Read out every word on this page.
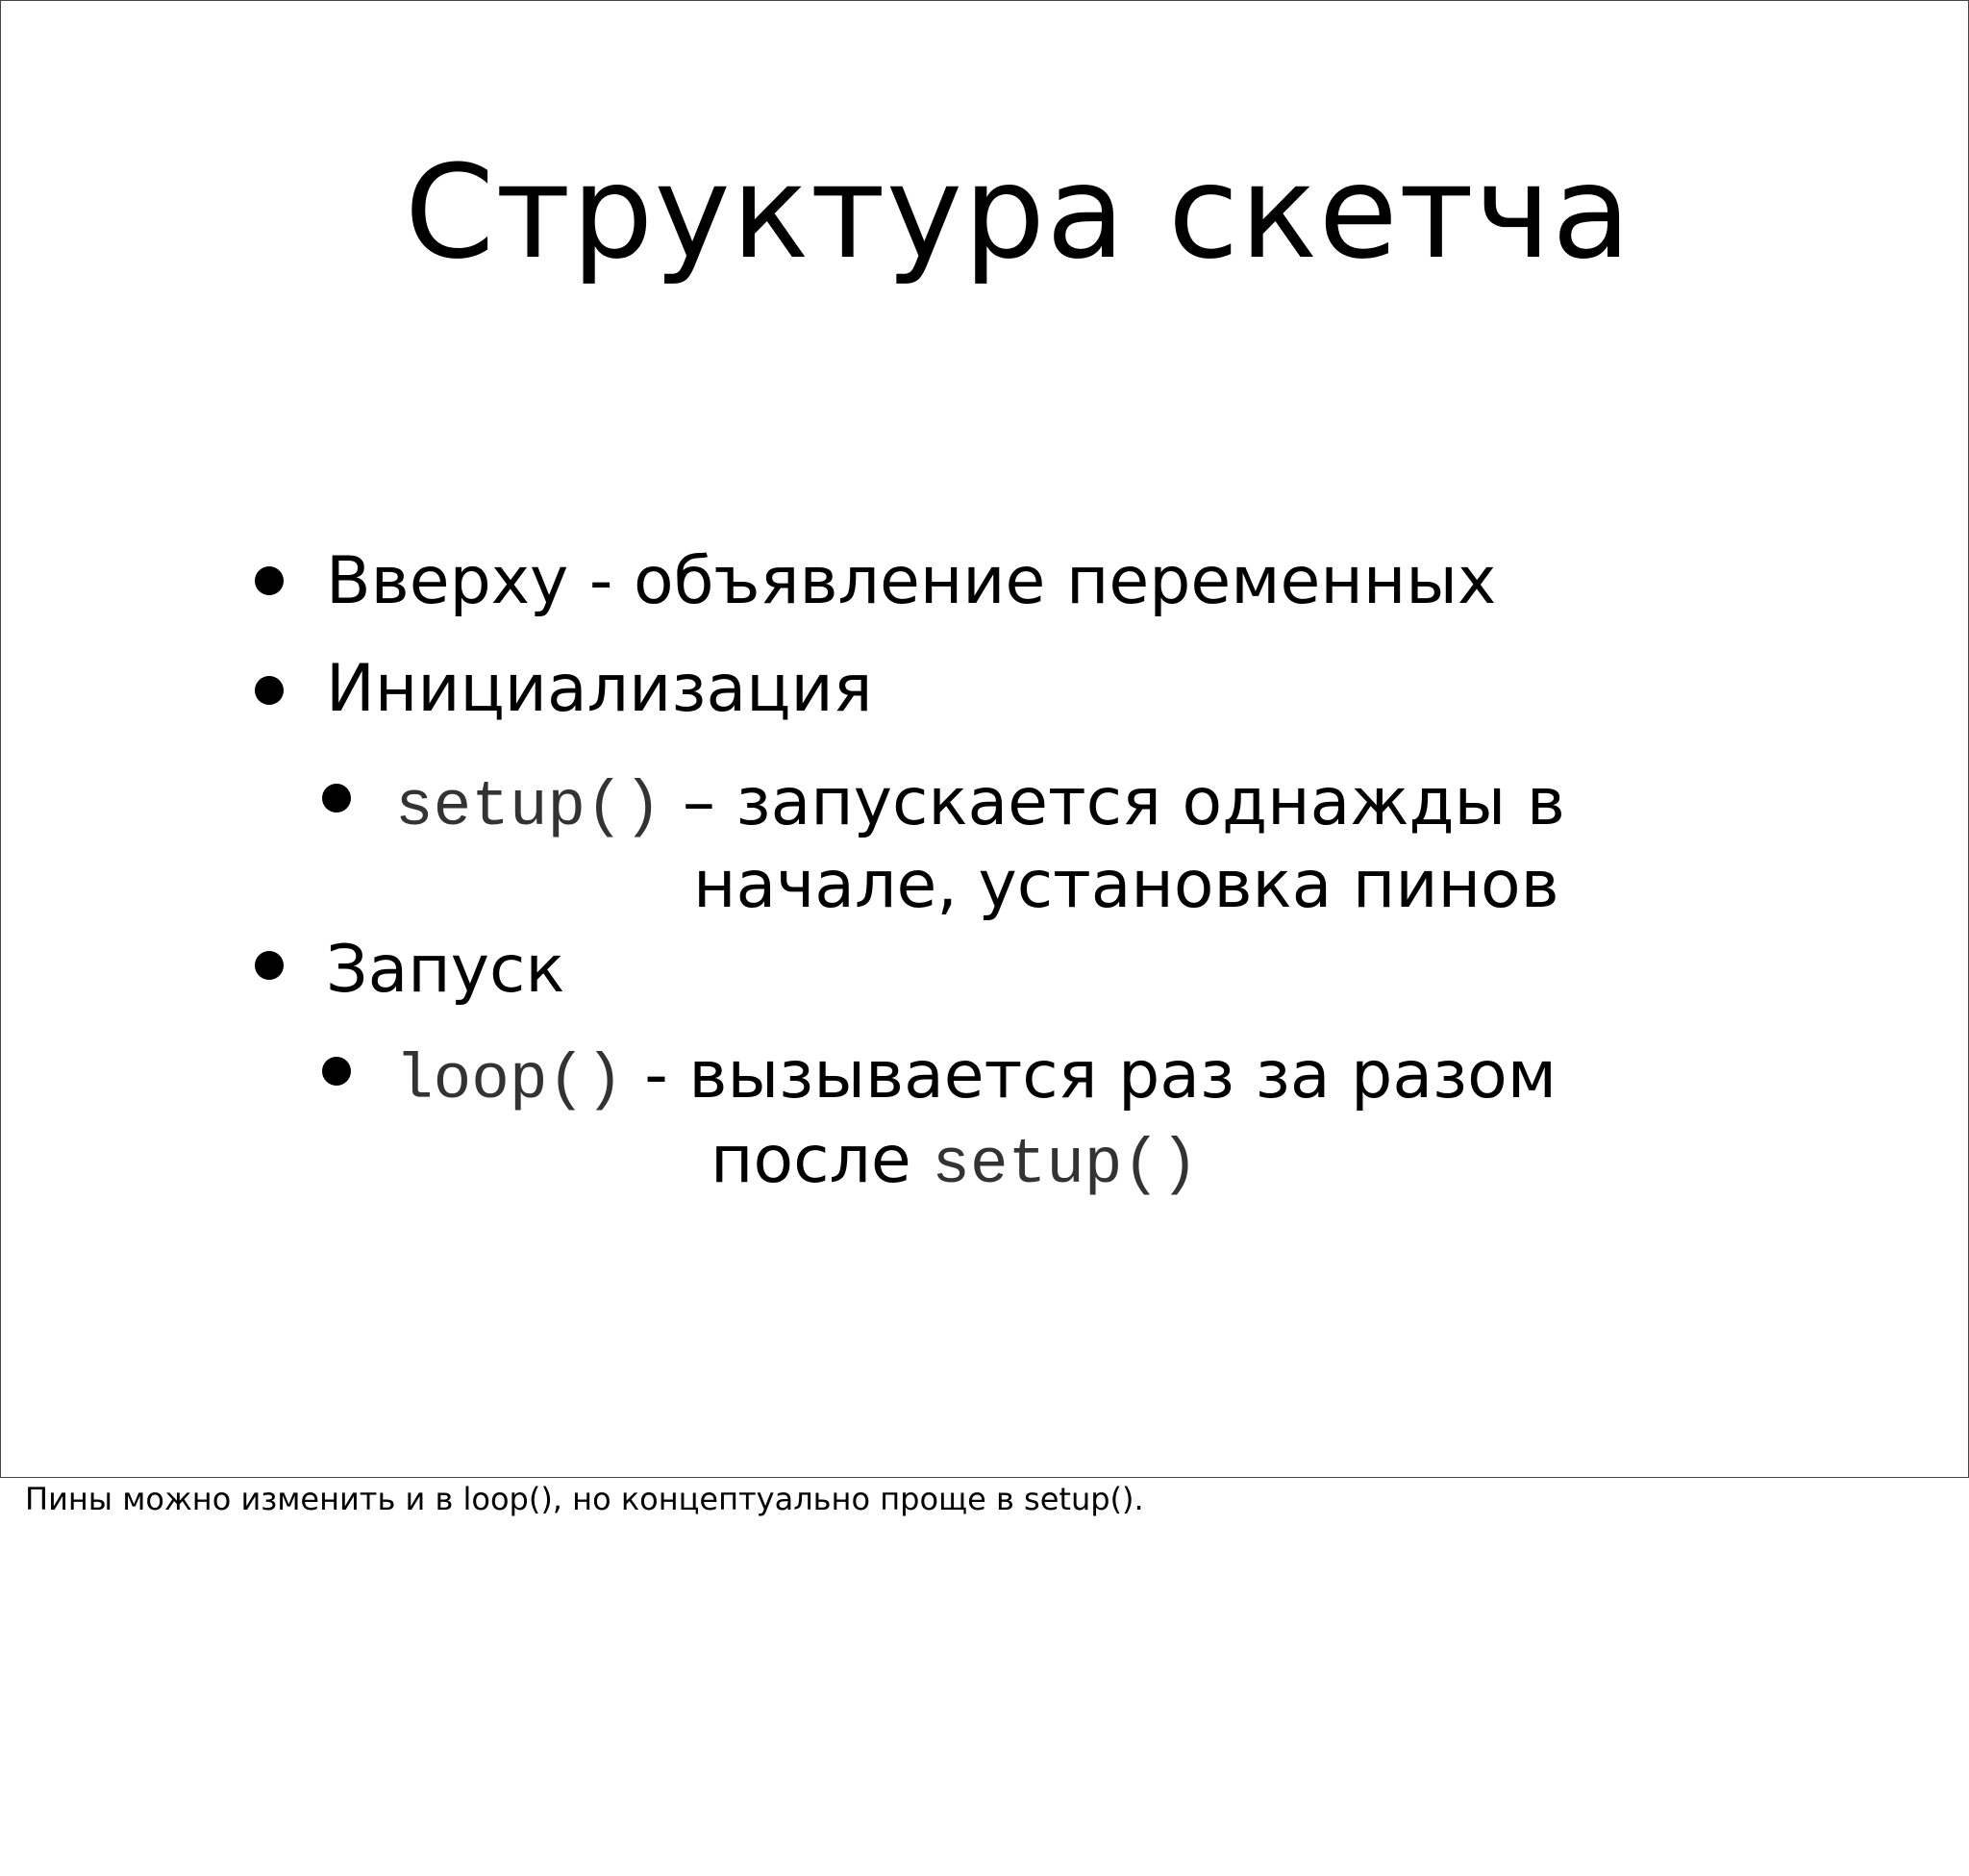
Структура скетча
Вверху - объявление переменных
Инициализация
setup() – запускается однажды в
начале, установка пинов
Запуск
loop() - вызывается раз за разом
после setup()
Пины можно изменить и в loop(), но концептуально проще в setup().
